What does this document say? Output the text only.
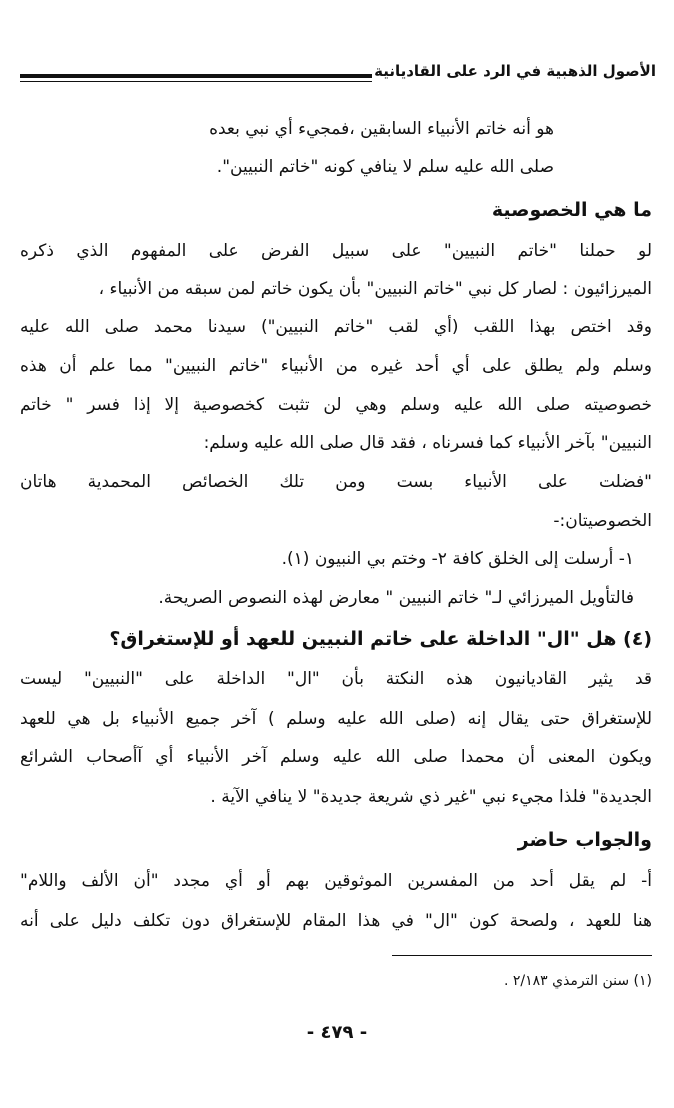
الأصول الذهبية في الرد على القاديانية
هو أنه خاتم الأنبياء السابقين ،فمجيء أي نبي بعده
صلى الله عليه سلم لا ينافي كونه "خاتم النبيين".
ما هي الخصوصية
لو حملنا "خاتم النبيين" على سبيل الفرض على المفهوم الذي ذكره
الميرزائيون : لصار كل نبي "خاتم النبيين" بأن يكون خاتم لمن سبقه من الأنبياء ،
وقد اختص بهذا اللقب (أي لقب "خاتم النبيين") سيدنا محمد صلى الله عليه
وسلم ولم يطلق على أي أحد غيره من الأنبياء "خاتم النبيين" مما علم أن هذه
خصوصيته صلى الله عليه وسلم وهي لن تثبت كخصوصية إلا إذا فسر " خاتم
النبيين" بآخر الأنبياء كما فسرناه ، فقد قال صلى الله عليه وسلم:
"فضلت على الأنبياء بست ومن تلك الخصائص المحمدية هاتان
الخصوصيتان:-
١- أرسلت إلى الخلق كافة ٢- وختم بي النبيون (١).
فالتأويل الميرزائي لـ" خاتم النبيين " معارض لهذه النصوص الصريحة.
(٤) هل "ال" الداخلة على خاتم النبيين للعهد أو للإستغراق؟
قد يثير القاديانيون هذه النكتة بأن "ال" الداخلة على "النبيين" ليست
للإستغراق حتى يقال إنه (صلى الله عليه وسلم ) آخر جميع الأنبياء بل هي للعهد
ويكون المعنى أن محمدا صلى الله عليه وسلم آخر الأنبياء أي آأصحاب الشرائع
الجديدة" فلذا مجيء نبي "غير ذي شريعة جديدة" لا ينافي الآية .
والجواب حاضر
أ- لم يقل أحد من المفسرين الموثوقين بهم أو أي مجدد "أن الألف واللام"
هنا للعهد ، ولصحة كون "ال" في هذا المقام للإستغراق دون تكلف دليل على أنه
(١) سنن الترمذي ٢/١٨٣ .
- ٤٧٩ -
